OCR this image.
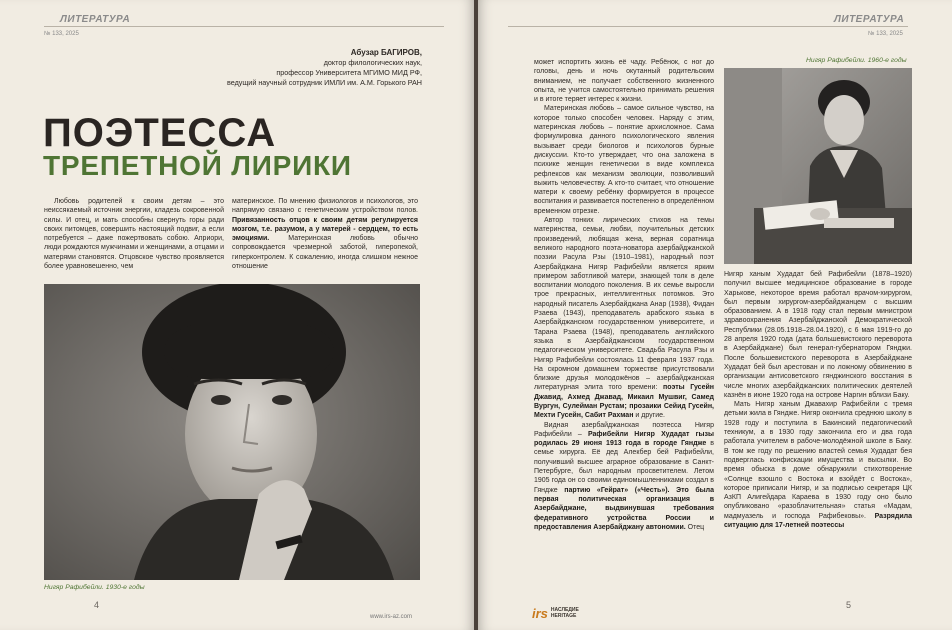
ЛИТЕРАТУРА
№ 133, 2025
Абузар БАГИРОВ,
доктор филологических наук,
профессор Университета МГИМО МИД РФ,
ведущий научный сотрудник ИМЛИ им. А.М. Горького РАН
ПОЭТЕССА
ТРЕПЕТНОЙ ЛИРИКИ

Любовь родителей к своим детям – это неиссякаемый источник энергии, кладезь сокровенной силы. И отец, и мать способны свернуть горы ради своих питомцев, совершить настоящий подвиг, а если потребуется – даже пожертвовать собою. Априори, люди рождаются мужчинами и женщинами, а отцами и матерями становятся. Отцовское чувство проявляется более уравновешенно, чем

материнское. По мнению физиологов и психологов, это напрямую связано с генетическим устройством полов. Привязанность отцов к своим детям регулируется мозгом, т.е. разумом, а у матерей - сердцем, то есть эмоциями.	Материнская любовь обычно сопровождается чрезмерной заботой, гиперопекой, гиперконтролем. К сожалению, иногда слишком нежное отношение

Нигяр Рафибейли. 1930-е годы
4
www.irs-az.com
ЛИТЕРАТУРА
№ 133, 2025

может испортить жизнь её чаду. Ребёнок, с ног до головы, день и ночь окутанный родительским вниманием, не получает собственного жизненного опыта, не учится самостоятельно принимать решения и в итоге теряет интерес к жизни.

Материнская любовь – самое сильное чувство, на которое только способен человек. Наряду с этим, материнская любовь – понятие архисложное. Сама формулировка данного психологического явления вызывает среди биологов и психологов бурные дискуссии. Кто-то утверждает, что она заложена в психике женщин генетически в виде комплекса рефлексов как механизм эволюции, позволивший выжить человечеству. А кто-то считает, что отношение матери к своему ребёнку формируется в процессе воспитания и развивается постепенно в определённом временном отрезке.

Автор тонких лирических стихов на темы материнства, семьи, любви, поучительных детских произведений, любящая жена, верная соратница великого народного поэта-новатора азербайджанской поэзии Расула Рзы (1910–1981), народный поэт Азербайджана Нигяр Рафибейли является ярким примером заботливой матери, знающей толк в деле воспитании молодого поколения. В их семье выросли трое прекрасных, интеллигентных потомков. Это народный писатель Азербайджана Анар (1938), Фидан Рзаева (1943), преподаватель арабского языка в Азербайджанском государственном университете, и Тарана Рзаева (1948), преподаватель английского языка в Азербайджанском государственном педагогическом университете. Свадьба Расула Рзы и Нигяр Рафибейли состоялась 11 февраля 1937 года. На скромном домашнем торжестве присутствовали близкие друзья молодожёнов – азербайджанская литературная элита того времени: поэты Гусейн Джавид, Ахмед Джавад, Микаил Мушвиг, Самед Вургун, Сулейман Рустам; прозаики Сейид Гусейн, Мехти Гусейн, Сабит Рахман и другие.

Видная азербайджанская поэтесса Нигяр Рафибейли – Рафибейли Нигяр Худадат гызы родилась 29 июня 1913 года в городе Гяндже в семье хирурга. Её дед Алекбер бей Рафибейли, получивший высшее аграрное образование в Санкт-Петербурге, был народным просветителем. Летом 1905 года он со своими единомышленниками создал в Гяндже партию «Гейрат» («Честь»). Это была первая политическая организация в Азербайджане, выдвинувшая требования федеративного устройства России и предоставления Азербайджану автономии. Отец

Нигяр Рафибейли. 1960-е годы

Нигяр ханым Худадат бей Рафибейли (1878–1920) получил высшее медицинское образование в городе Харькове, некоторое время работал врачом-хирургом, был первым хирургом-азербайджанцем с высшим образованием. А в 1918 году стал первым министром здравоохранения Азербайджанской Демократической Республики (28.05.1918–28.04.1920), с 6 мая 1919-го до 28 апреля 1920 года (дата большевистского переворота в Азербайджане) был генерал-губернатором Гянджи. После большевистского переворота в Азербайджане Худадат бей был арестован и по ложному обвинению в организации антисоветского гянджинского восстания в числе многих азербайджанских политических деятелей казнён в июне 1920 года на острове Наргин вблизи Баку.

Мать Нигяр ханым Джавахир Рафибейли с тремя детьми жила в Гяндже. Нигяр окончила среднюю школу в 1928 году и поступила в Бакинский педагогический техникум, а в 1930 году закончила его и два года работала учителем в рабоче-молодёжной школе в Баку. В том же году по решению властей семья Худадат бея подверглась конфискации имущества и высылки. Во время обыска в доме обнаружили стихотворение «Солнце взошло с Востока и взойдёт с Востока», которое приписали Нигяр, и за подписью секретаря ЦК АзКП Алигейдара Караева в 1930 году оно было опубликовано «разоблачительная» статья «Мадам, мадмуазель и господа Рафибековы». Разрядила ситуацию для 17-летней поэтессы

5
irs НАСЛЕДИЕ
HERITAGE
